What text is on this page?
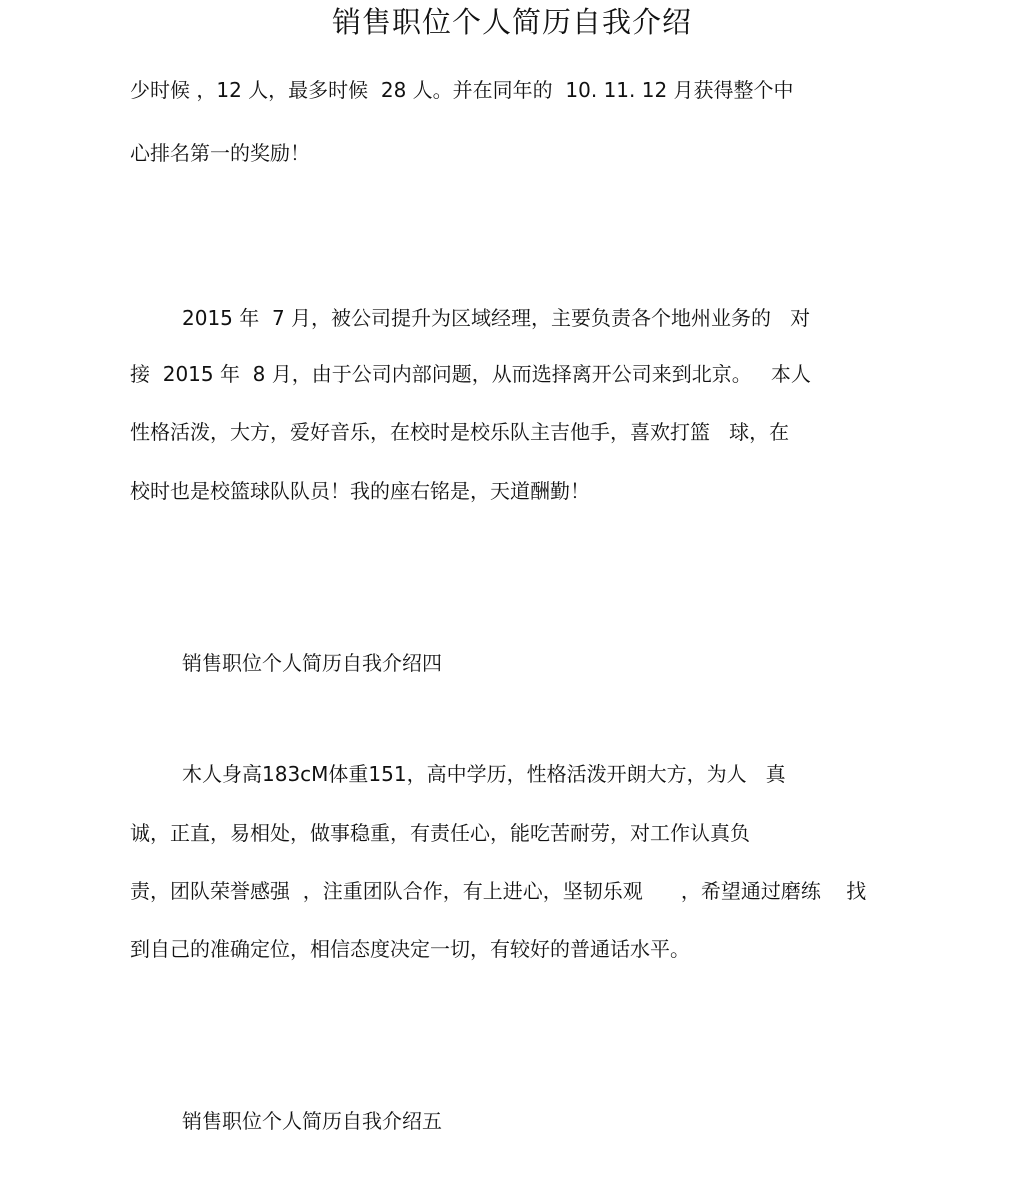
销售职位个人简历自我介绍
少时候 ，12 人，最多时候  28 人。并在同年的  10. 11. 12 月获得整个中
心排名第一的奖励！
2015 年  7 月，被公司提升为区域经理，主要负责各个地州业务的   对
接  2015 年  8 月，由于公司内部问题，从而选择离开公司来到北京。   本人
性格活泼，大方，爱好音乐，在校时是校乐队主吉他手，喜欢打篮   球，在
校时也是校篮球队队员！我的座右铭是，天道酬勤！
销售职位个人简历自我介绍四
木人身高183cM体重151，高中学历，性格活泼开朗大方，为人   真
诚，正直，易相处，做事稳重，有责任心，能吃苦耐劳，对工作认真负
责，团队荣誉感强  ，注重团队合作，有上进心，坚韧乐观      ，希望通过磨练    找
到自己的准确定位，相信态度决定一切，有较好的普通话水平。
销售职位个人简历自我介绍五
